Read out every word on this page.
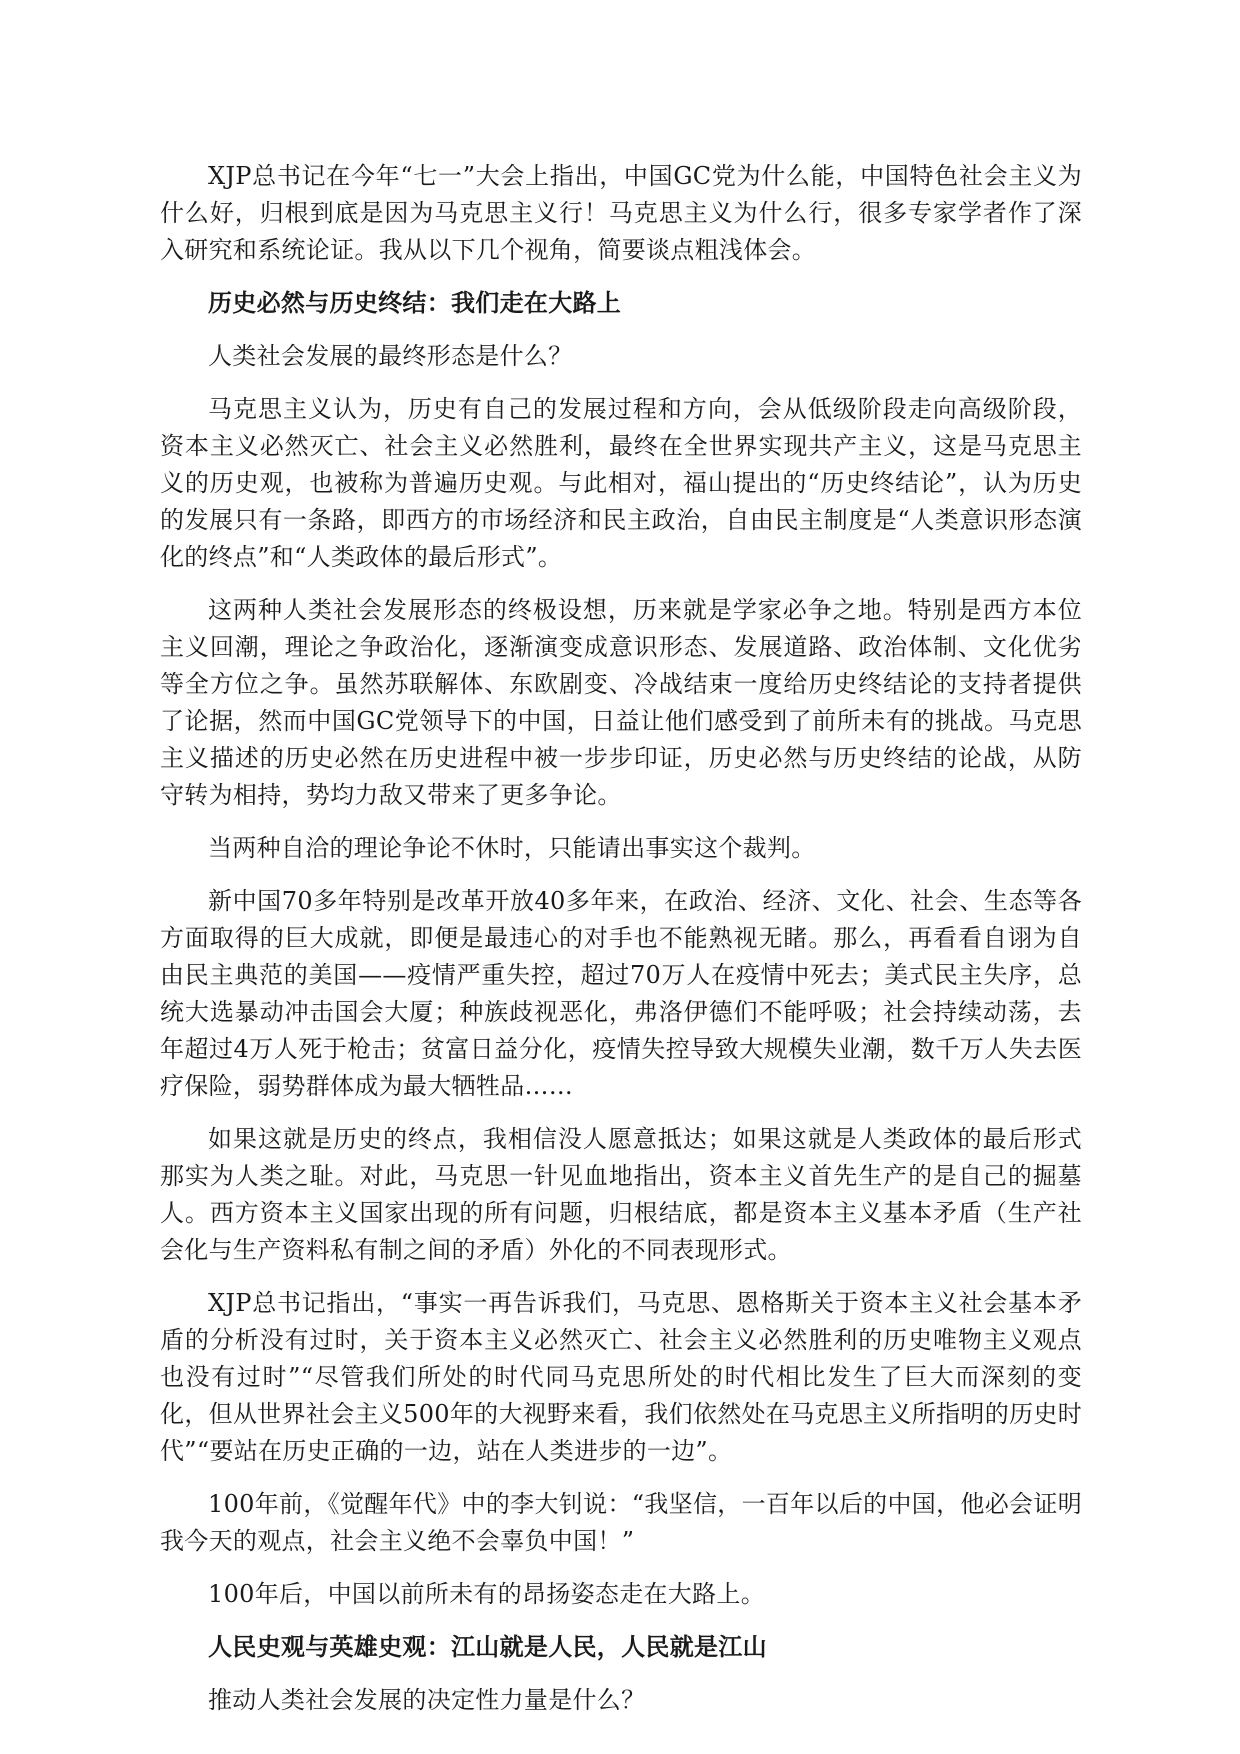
XJP总书记在今年“七一”大会上指出，中国GC党为什么能，中国特色社会主义为什么好，归根到底是因为马克思主义行！马克思主义为什么行，很多专家学者作了深入研究和系统论证。我从以下几个视角，简要谈点粗浅体会。

历史必然与历史终结：我们走在大路上

人类社会发展的最终形态是什么？

马克思主义认为，历史有自己的发展过程和方向，会从低级阶段走向高级阶段，资本主义必然灭亡、社会主义必然胜利，最终在全世界实现共产主义，这是马克思主义的历史观，也被称为普遍历史观。与此相对，福山提出的“历史终结论”，认为历史的发展只有一条路，即西方的市场经济和民主政治，自由民主制度是“人类意识形态演化的终点”和“人类政体的最后形式”。

这两种人类社会发展形态的终极设想，历来就是学家必争之地。特别是西方本位主义回潮，理论之争政治化，逐渐演变成意识形态、发展道路、政治体制、文化优劣等全方位之争。虽然苏联解体、东欧剧变、冷战结束一度给历史终结论的支持者提供了论据，然而中国GC党领导下的中国，日益让他们感受到了前所未有的挑战。马克思主义描述的历史必然在历史进程中被一步步印证，历史必然与历史终结的论战，从防守转为相持，势均力敌又带来了更多争论。

当两种自洽的理论争论不休时，只能请出事实这个裁判。

新中国70多年特别是改革开放40多年来，在政治、经济、文化、社会、生态等各方面取得的巨大成就，即便是最违心的对手也不能熟视无睹。那么，再看看自诩为自由民主典范的美国——疫情严重失控，超过70万人在疫情中死去；美式民主失序，总统大选暴动冲击国会大厦；种族歧视恶化，弗洛伊德们不能呼吸；社会持续动荡，去年超过4万人死于枪击；贫富日益分化，疫情失控导致大规模失业潮，数千万人失去医疗保险，弱势群体成为最大牺牲品……

如果这就是历史的终点，我相信没人愿意抵达；如果这就是人类政体的最后形式那实为人类之耻。对此，马克思一针见血地指出，资本主义首先生产的是自己的掘墓人。西方资本主义国家出现的所有问题，归根结底，都是资本主义基本矛盾（生产社会化与生产资料私有制之间的矛盾）外化的不同表现形式。

XJP总书记指出，“事实一再告诉我们，马克思、恩格斯关于资本主义社会基本矛盾的分析没有过时，关于资本主义必然灭亡、社会主义必然胜利的历史唯物主义观点也没有过时”“尽管我们所处的时代同马克思所处的时代相比发生了巨大而深刻的变化，但从世界社会主义500年的大视野来看，我们依然处在马克思主义所指明的历史时代”“要站在历史正确的一边，站在人类进步的一边”。

100年前，《觉醒年代》中的李大钊说：“我坚信，一百年以后的中国，他必会证明我今天的观点，社会主义绝不会辜负中国！”

100年后，中国以前所未有的昂扬姿态走在大路上。

人民史观与英雄史观：江山就是人民，人民就是江山

推动人类社会发展的决定性力量是什么？
